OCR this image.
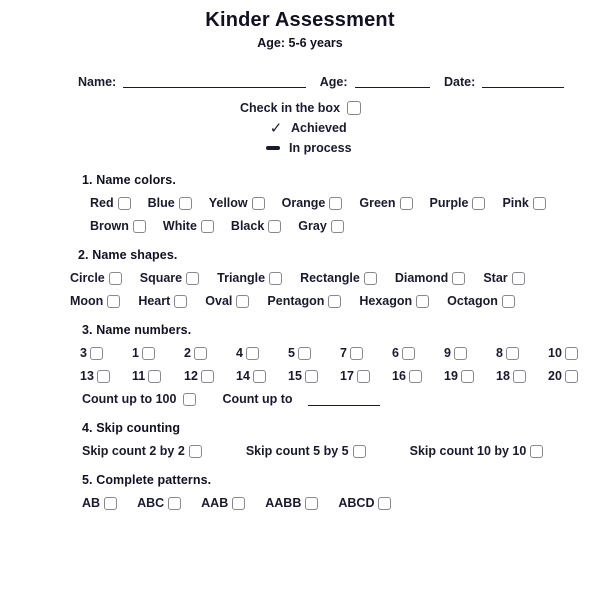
Kinder Assessment
Age: 5-6 years
Name:	Age:	Date:
Check in the box
✓ Achieved
In process
1. Name colors.
Red	Blue	Yellow	Orange	Green	Purple	Pink
Brown	White	Black	Gray
2. Name shapes.
Circle	Square	Triangle	Rectangle	Diamond	Star
Moon	Heart	Oval	Pentagon	Hexagon	Octagon
3. Name numbers.
3	1	2	4	5	7	6	9	8	10
13	11	12	14	15	17	16	19	18	20
Count up to 100	Count up to
4. Skip counting
Skip count 2 by 2	Skip count 5 by 5	Skip count 10 by 10
5. Complete patterns.
AB	ABC	AAB	AABB	ABCD
